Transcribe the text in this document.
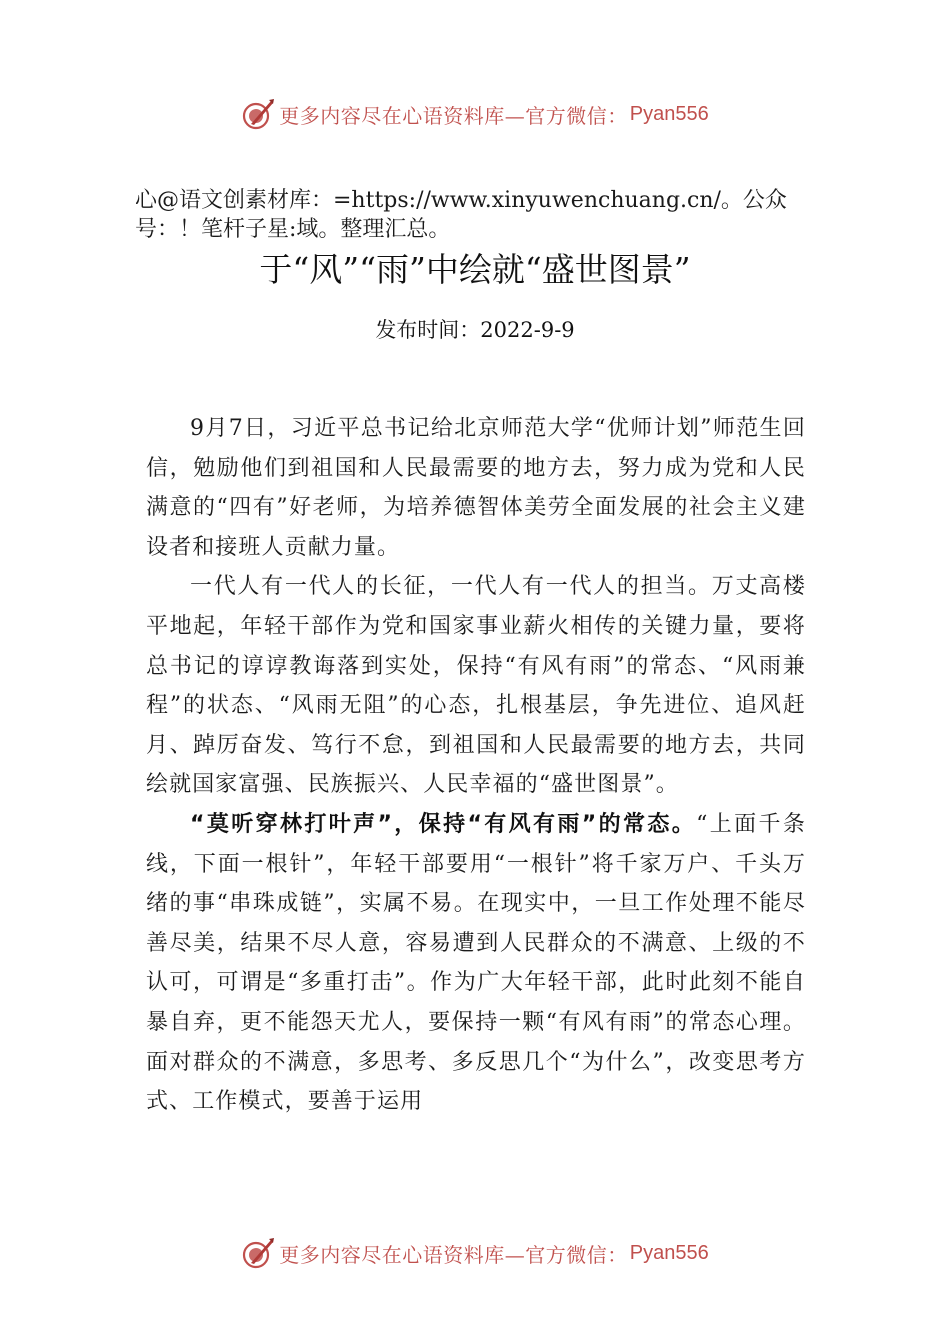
更多内容尽在心语资料库—官方微信： Pyan556
心@语文创素材库：=https://www.xinyuwenchuang.cn/。公众号：！笔杆子星:域。整理汇总。
于“风”“雨”中绘就“盛世图景”
发布时间：2022-9-9

9月7日，习近平总书记给北京师范大学“优师计划”师范生回信，勉励他们到祖国和人民最需要的地方去，努力成为党和人民满意的“四有”好老师，为培养德智体美劳全面发展的社会主义建设者和接班人贡献力量。

一代人有一代人的长征，一代人有一代人的担当。万丈高楼平地起，年轻干部作为党和国家事业薪火相传的关键力量，要将总书记的谆谆教诲落到实处，保持“有风有雨”的常态、“风雨兼程”的状态、“风雨无阻”的心态，扎根基层，争先进位、追风赶月、踔厉奋发、笃行不怠，到祖国和人民最需要的地方去，共同绘就国家富强、民族振兴、人民幸福的“盛世图景”。

“莫听穿林打叶声”，保持“有风有雨”的常态。“上面千条线，下面一根针”，年轻干部要用“一根针”将千家万户、千头万绪的事“串珠成链”，实属不易。在现实中，一旦工作处理不能尽善尽美，结果不尽人意，容易遭到人民群众的不满意、上级的不认可，可谓是“多重打击”。作为广大年轻干部，此时此刻不能自暴自弃，更不能怨天尤人，要保持一颗“有风有雨”的常态心理。面对群众的不满意，多思考、多反思几个“为什么”，改变思考方式、工作模式，要善于运用

更多内容尽在心语资料库—官方微信： Pyan556
